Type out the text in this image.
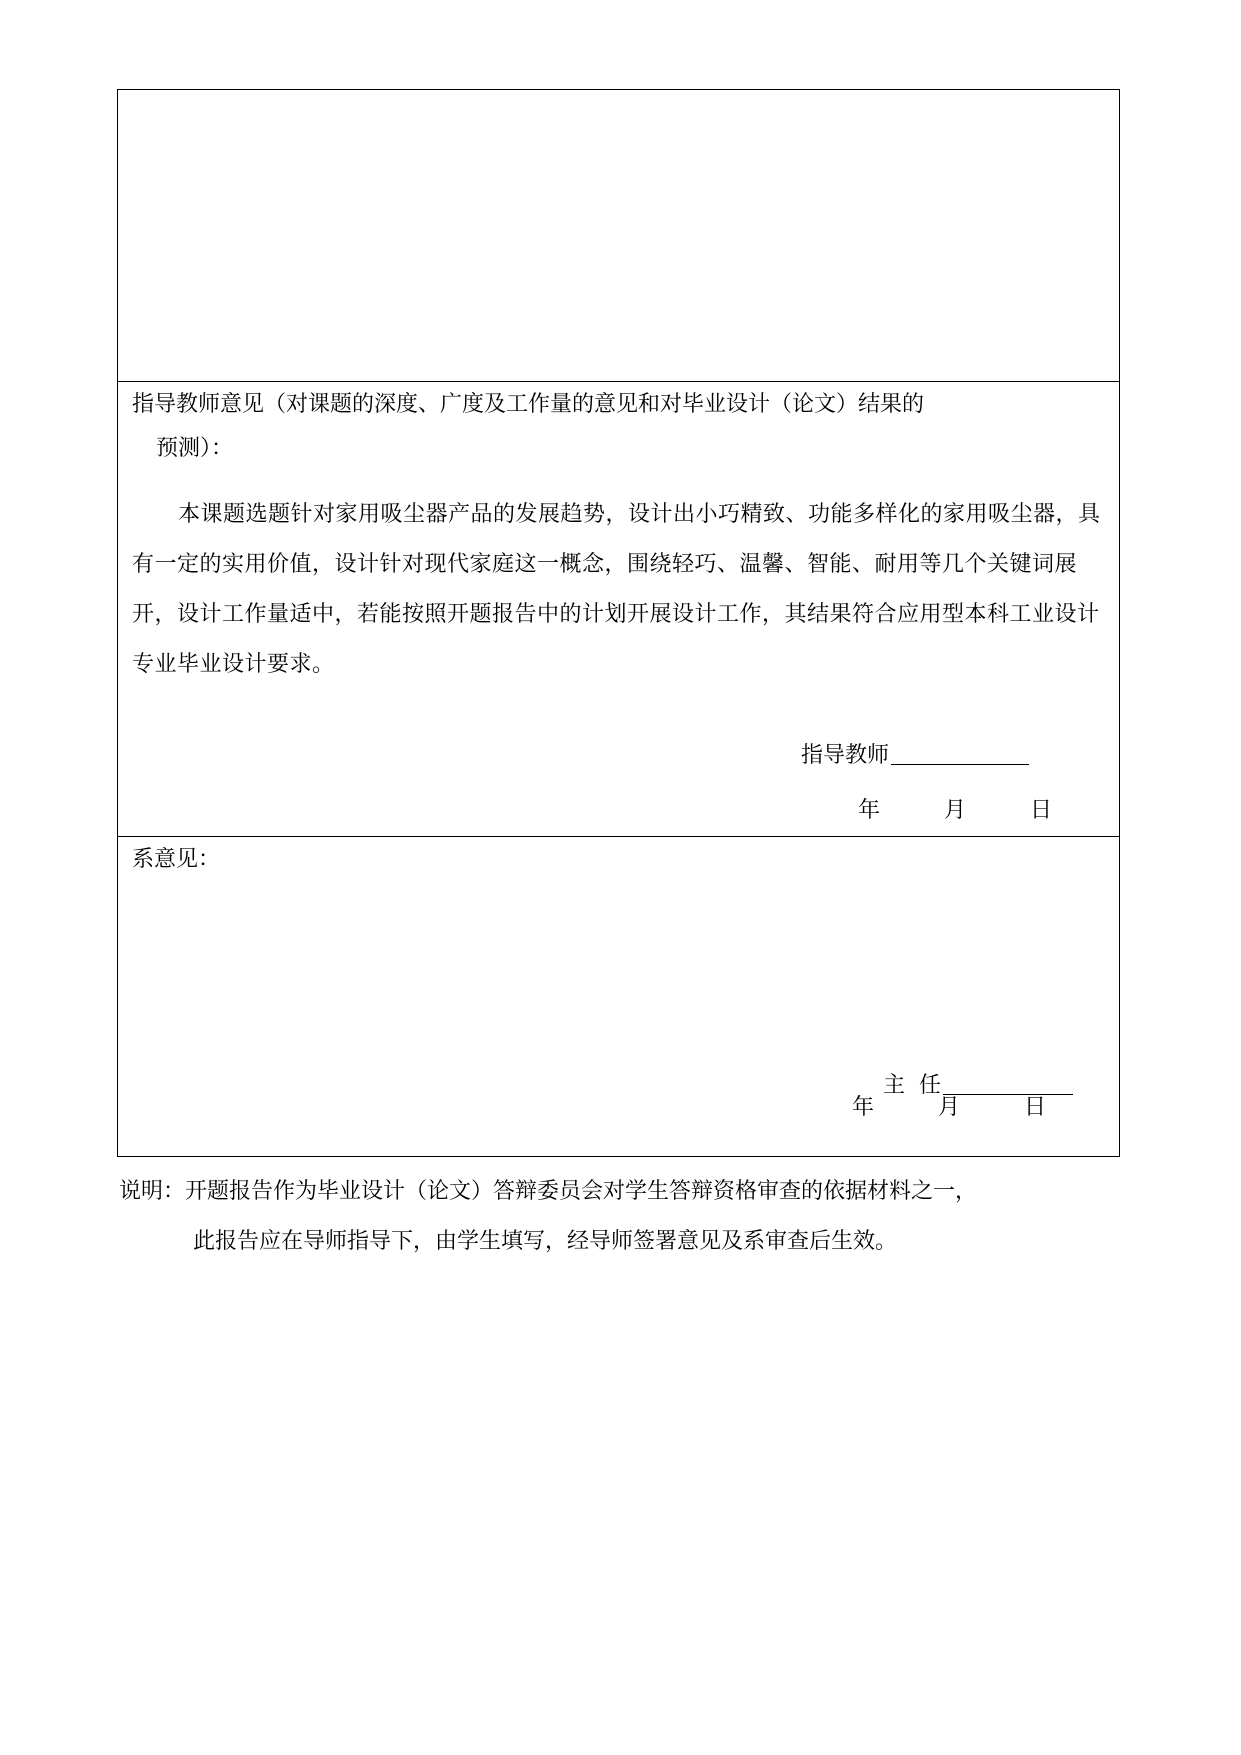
指导教师意见（对课题的深度、广度及工作量的意见和对毕业设计（论文）结果的
预测）：
本课题选题针对家用吸尘器产品的发展趋势，设计出小巧精致、功能多样化的家用吸尘器，具有一定的实用价值，设计针对现代家庭这一概念，围绕轻巧、温馨、智能、耐用等几个关键词展开，设计工作量适中，若能按照开题报告中的计划开展设计工作，其结果符合应用型本科工业设计专业毕业设计要求。
指导教师
年	月	日
系意见：

主  任

年	月	日
说明：开题报告作为毕业设计（论文）答辩委员会对学生答辩资格审查的依据材料之一，
此报告应在导师指导下，由学生填写，经导师签署意见及系审查后生效。
